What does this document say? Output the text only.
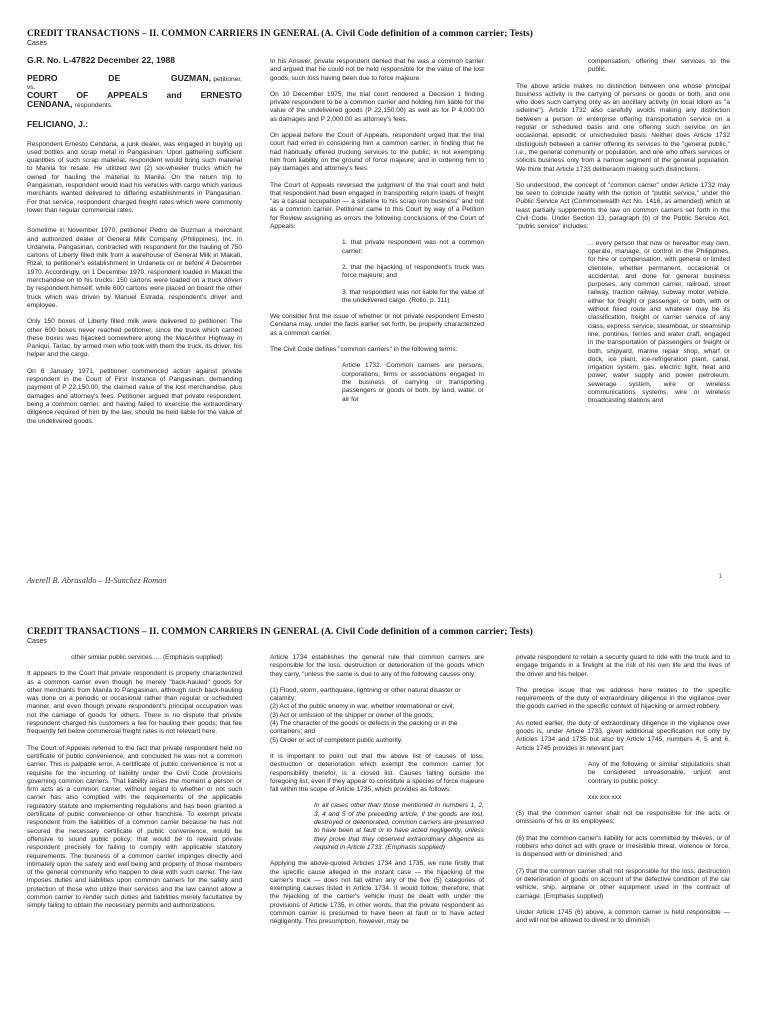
CREDIT TRANSACTIONS – II. COMMON CARRIERS IN GENERAL (A. Civil Code definition of a common carrier; Tests)
Cases

G.R. No. L-47822 December 22, 1988

PEDRO	DE	GUZMAN, petitioner,
vs.
COURT OF APPEALS and ERNESTO
CENDANA, respondents.

FELICIANO, J.:

Respondent Ernesto Cendana, a junk dealer, was engaged in buying up used bottles and scrap metal in Pangasinan. Upon gathering sufficient quantities of such scrap material, respondent would bring such material to Manila for resale. He utilized two (2) six-wheeler trucks which he owned for hauling the material to Manila. On the return trip to Pangasinan, respondent would load his vehicles with cargo which various merchants wanted delivered to differing establishments in Pangasinan. For that service, respondent charged freight rates which were commonly lower than regular commercial rates.

Sometime in November 1970, petitioner Pedro de Guzman a merchant and authorized dealer of General Milk Company (Philippines), Inc. in Urdaneta, Pangasinan, contracted with respondent for the hauling of 750 cartons of Liberty filled milk from a warehouse of General Milk in Makati, Rizal, to petitioner's establishment in Urdaneta on or before 4 December 1970. Accordingly, on 1 December 1970, respondent loaded in Makati the merchandise on to his trucks: 150 cartons were loaded on a truck driven by respondent himself, while 600 cartons were placed on board the other truck which was driven by Manuel Estrada, respondent's driver and employee.

Only 150 boxes of Liberty filled milk were delivered to petitioner. The other 600 boxes never reached petitioner, since the truck which carried these boxes was hijacked somewhere along the MacArthur Highway in Paniqui, Tarlac, by armed men who took with them the truck, its driver, his helper and the cargo.

On 6 January 1971, petitioner commenced action against private respondent in the Court of First Instance of Pangasinan, demanding payment of P 22,150.00, the claimed value of the lost merchandise, plus damages and attorney's fees. Petitioner argued that private respondent, being a common carrier, and having failed to exercise the extraordinary diligence required of him by the law, should be held liable for the value of the undelivered goods.

In his Answer, private respondent denied that he was a common carrier and argued that he could not be held responsible for the value of the lost goods, such loss having been due to force majeure.

On 10 December 1975, the trial court rendered a Decision 1 finding private respondent to be a common carrier and holding him liable for the value of the undelivered goods (P 22,150.00) as well as for P 4,000.00 as damages and P 2,000.00 as attorney's fees.

On appeal before the Court of Appeals, respondent urged that the trial court had erred in considering him a common carrier; in finding that he had habitually offered trucking services to the public; in not exempting him from liability on the ground of force majeure; and in ordering him to pay damages and attorney's fees.

The Court of Appeals reversed the judgment of the trial court and held that respondent had been engaged in transporting return loads of freight "as a casual occupation — a sideline to his scrap iron business" and not as a common carrier. Petitioner came to this Court by way of a Petition for Review assigning as errors the following conclusions of the Court of Appeals:

1. that private respondent was not a common carrier;

2. that the hijacking of respondent's truck was force majeure; and

3. that respondent was not liable for the value of the undelivered cargo. (Rollo, p. 111)

We consider first the issue of whether or not private respondent Ernesto Cendana may, under the facts earlier set forth, be properly characterized as a common carrier.

The Civil Code defines "common carriers" in the following terms:

Article 1732. Common carriers are persons, corporations, firms or associations engaged in the business of carrying or transporting passengers or goods or both, by land, water, or air for

compensation, offering their services to the public.

The above article makes no distinction between one whose principal business activity is the carrying of persons or goods or both, and one who does such carrying only as an ancillary activity (in local Idiom as "a sideline"). Article 1732 also carefully avoids making any distinction between a person or enterprise offering transportation service on a regular or scheduled basis and one offering such service on an occasional, episodic or unscheduled basis. Neither does Article 1732 distinguish between a carrier offering its services to the "general public," i.e., the general community or population, and one who offers services or solicits business only from a narrow segment of the general population. We think that Article 1733 deliberaom making such distinctions.

So understood, the concept of "common carrier" under Article 1732 may be seen to coincide neatly with the notion of "public service," under the Public Service Act (Commonwealth Act No. 1416, as amended) which at least partially supplements the law on common carriers set forth in the Civil Code. Under Section 13, paragraph (b) of the Public Service Act, "public service" includes:

... every person that now or hereafter may own, operate, manage, or control in the Philippines, for hire or compensation, with general or limited clientele, whether permanent, occasional or accidental, and done for general business purposes, any common carrier, railroad, street railway, traction railway, subway motor vehicle, either for freight or passenger, or both, with or without fixed route and whatever may be its classification, freight or carrier service of any class, express service, steamboat, or steamship line, pontines, ferries and water craft, engaged in the transportation of passengers or freight or both, shipyard, marine repair shop, wharf or dock, ice plant, ice-refrigeration plant, canal, irrigation system, gas, electric light, heat and power, water supply and power petroleum, sewerage system, wire or wireless communications systems, wire or wireless broadcasting stations and

Averell B. Abrasaldo – II-Sanchez Roman	1
CREDIT TRANSACTIONS – II. COMMON CARRIERS IN GENERAL (A. Civil Code definition of a common carrier; Tests)
Cases

other similar public services. ... (Emphasis supplied)

It appears to the Court that private respondent is properly characterized as a common carrier even though he merely "back-hauled" goods for other merchants from Manila to Pangasinan, although such back-hauling was done on a periodic or occasional rather than regular or scheduled manner, and even though private respondent's principal occupation was not the carriage of goods for others. There is no dispute that private respondent charged his customers a fee for hauling their goods; that fee frequently fell below commercial freight rates is not relevant here.

The Court of Appeals referred to the fact that private respondent held no certificate of public convenience, and concluded he was not a common carrier. This is palpable error. A certificate of public convenience is not a requisite for the incurring of liability under the Civil Code provisions governing common carriers. That liability arises the moment a person or firm acts as a common carrier, without regard to whether or not such carrier has also complied with the requirements of the applicable regulatory statute and implementing regulations and has been granted a certificate of public convenience or other franchise. To exempt private respondent from the liabilities of a common carrier because he has not secured the necessary certificate of public convenience, would be offensive to sound public policy; that would be to reward private respondent precisely for failing to comply with applicable statutory requirements. The business of a common carrier impinges directly and intimately upon the safety and well being and property of those members of the general community who happen to deal with such carrier. The law imposes duties and liabilities upon common carriers for the safety and protection of those who utilize their services and the law cannot allow a common carrier to render such duties and liabilities merely facultative by simply failing to obtain the necessary permits and authorizations.

Article 1734 establishes the general rule that common carriers are responsible for the loss, destruction or deterioration of the goods which they carry, "unless the same is due to any of the following causes only:

(1) Flood, storm, earthquake, lightning or other natural disaster or calamity;
(2) Act of the public enemy in war, whether international or civil;
(3) Act or omission of the shipper or owner of the goods;
(4) The character of the goods or defects in the packing or in the containers; and
(5) Order or act of competent public authority.

It is important to point out that the above list of causes of loss, destruction or deterioration which exempt the common carrier for responsibility therefor, is a closed list. Causes falling outside the foregoing list, even if they appear to constitute a species of force majeure fall within the scope of Article 1735, which provides as follows:

In all cases other than those mentioned in numbers 1, 2, 3, 4 and 5 of the preceding article, if the goods are lost, destroyed or deteriorated, common carriers are presumed to have been at fault or to have acted negligently, unless they prove that they observed extraordinary diligence as required in Article 1733. (Emphasis supplied)

Applying the above-quoted Articles 1734 and 1735, we note firstly that the specific cause alleged in the instant case — the hijacking of the carrier's truck — does not fall within any of the five (5) categories of exempting causes listed in Article 1734. It would follow, therefore, that the hijacking of the carrier's vehicle must be dealt with under the provisions of Article 1735, in other words, that the private respondent as common carrier is presumed to have been at fault or to have acted negligently. This presumption, however, may be

private respondent to retain a security guard to ride with the truck and to engage brigands in a firelight at the risk of his own life and the lives of the driver and his helper.

The precise issue that we address here relates to the specific requirements of the duty of extraordinary diligence in the vigilance over the goods carried in the specific context of hijacking or armed robbery.

As noted earlier, the duty of extraordinary diligence in the vigilance over goods is, under Article 1733, given additional specification not only by Articles 1734 and 1735 but also by Article 1745, numbers 4, 5 and 6, Article 1745 provides in relevant part:

Any of the following or similar stipulations shall be considered unreasonable, unjust and contrary to public policy:

xxx xxx xxx

(5) that the common carrier shall not be responsible for the acts or omissions of his or its employees;

(6) that the common carrier's liability for acts committed by thieves, or of robbers who donot act with grave or irresistible threat, violence or force, is dispensed with or diminished; and

(7) that the common carrier shall not responsible for the loss, destruction or deterioration of goods on account of the defective condition of the car vehicle, ship, airplane or other equipment used in the contract of carriage. (Emphasis supplied)

Under Article 1745 (6) above, a common carrier is held responsible — and will not be allowed to divest or to diminish
